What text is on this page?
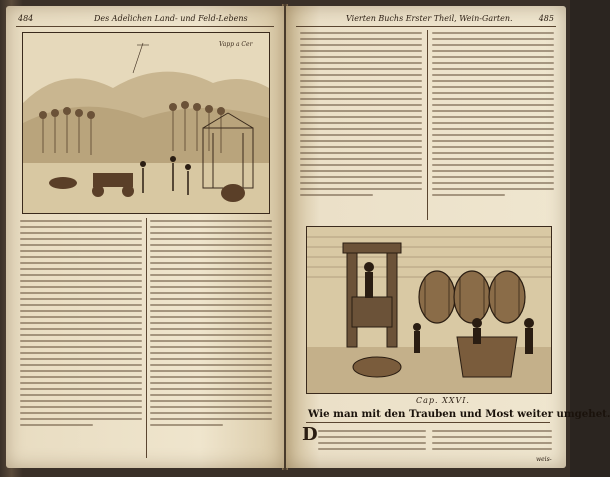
484	Des Adelichen Land- und Feld-Lebens
Vapp a Cer
Vierten Buchs Erster Theil, Wein-Garten.	485
Cap. XXVI.
Wie man mit den Trauben und Most weiter umgehet.
D
weis-
